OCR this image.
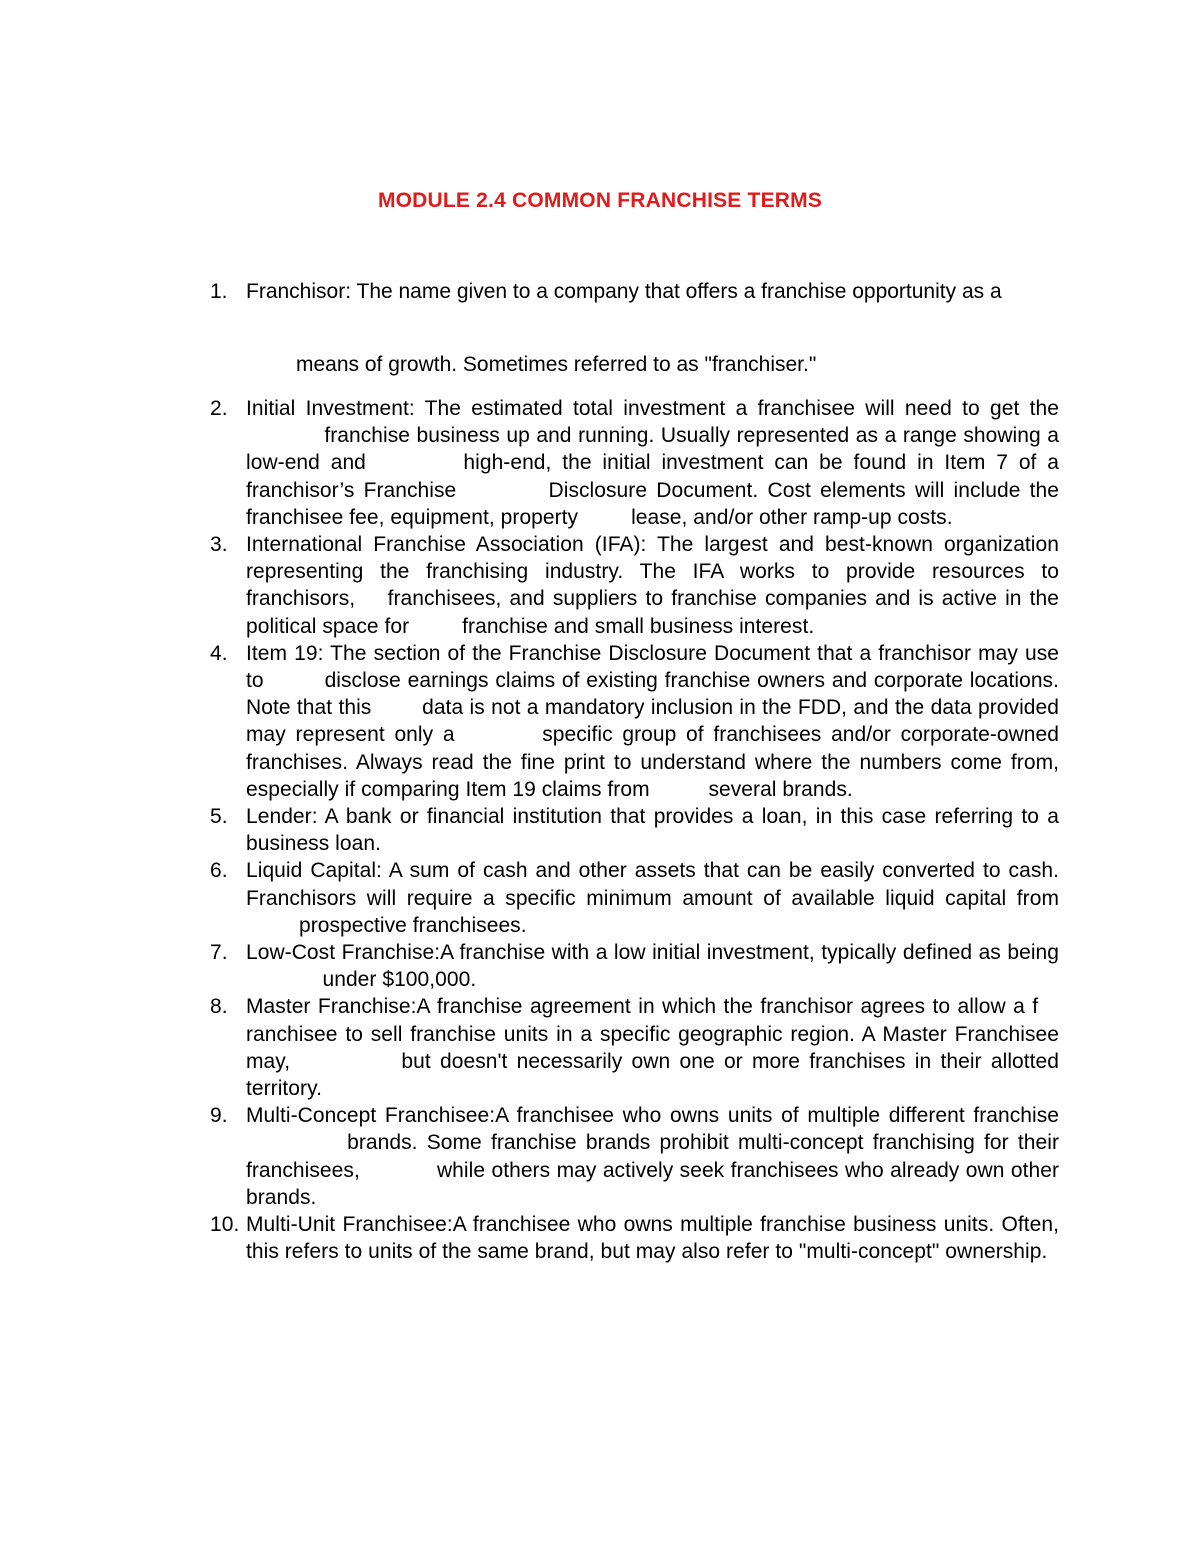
MODULE 2.4 COMMON FRANCHISE TERMS
1. Franchisor: The name given to a company that offers a franchise opportunity as a
means of growth. Sometimes referred to as "franchiser."
2. Initial Investment: The estimated total investment a franchisee will need to get the             franchise business up and running. Usually represented as a range showing a low-end and         high-end, the initial investment can be found in Item 7 of a franchisor’s Franchise          Disclosure Document. Cost elements will include the franchisee fee, equipment, property         lease, and/or other ramp-up costs.
3. International Franchise Association (IFA): The largest and best-known organization representing the franchising industry. The IFA works to provide resources to franchisors,    franchisees, and suppliers to franchise companies and is active in the political space for         franchise and small business interest.
4. Item 19: The section of the Franchise Disclosure Document that a franchisor may use to         disclose earnings claims of existing franchise owners and corporate locations. Note that this        data is not a mandatory inclusion in the FDD, and the data provided may represent only a         specific group of franchisees and/or corporate-owned franchises. Always read the fine print to understand where the numbers come from, especially if comparing Item 19 claims from          several brands.
5. Lender: A bank or financial institution that provides a loan, in this case referring to a business loan.
6. Liquid Capital: A sum of cash and other assets that can be easily converted to cash. Franchisors will require a specific minimum amount of available liquid capital from          prospective franchisees.
7. Low-Cost Franchise:A franchise with a low initial investment, typically defined as being              under $100,000.
8. Master Franchise:A franchise agreement in which the franchisor agrees to allow a f    ranchisee to sell franchise units in a specific geographic region. A Master Franchisee may,            but doesn't necessarily own one or more franchises in their allotted territory.
9. Multi-Concept Franchisee:A franchisee who owns units of multiple different franchise            brands. Some franchise brands prohibit multi-concept franchising for their franchisees,            while others may actively seek franchisees who already own other brands.
10. Multi-Unit Franchisee:A franchisee who owns multiple franchise business units. Often, this refers to units of the same brand, but may also refer to "multi-concept" ownership.
